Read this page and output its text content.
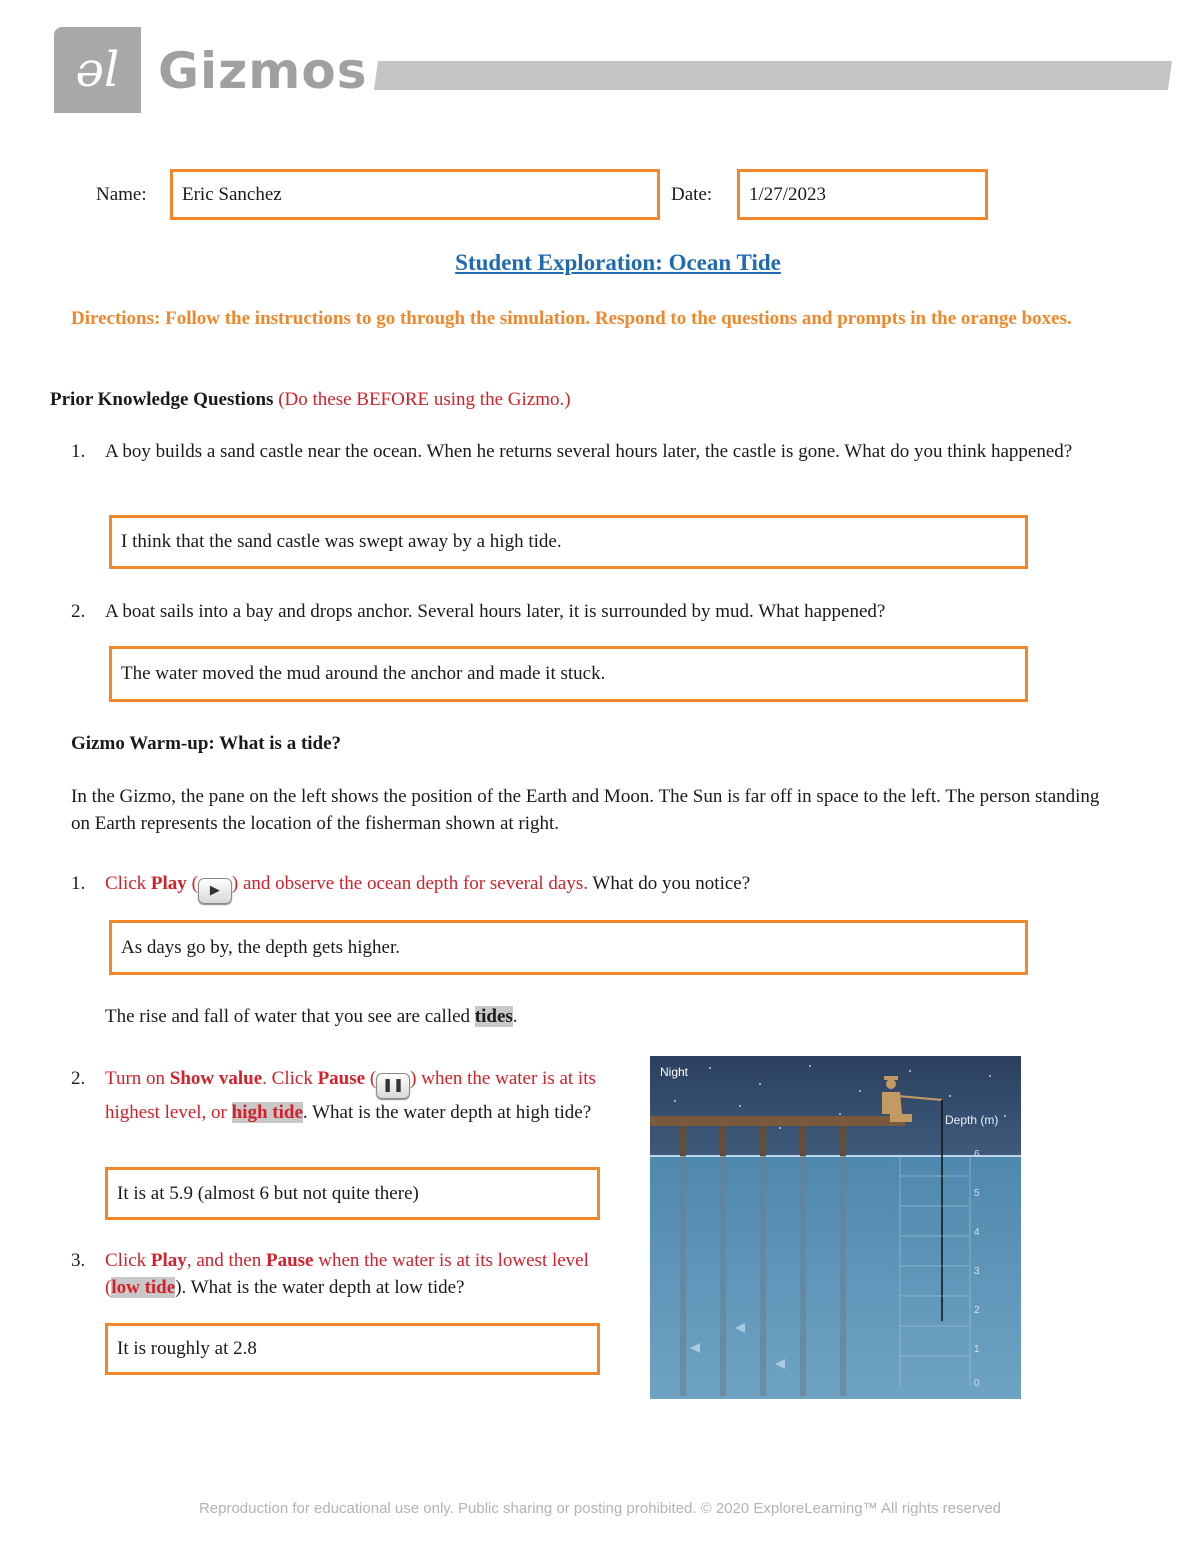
əl Gizmos
Name: Eric Sanchez	Date: 1/27/2023
Student Exploration: Ocean Tide
Directions: Follow the instructions to go through the simulation. Respond to the questions and prompts in the orange boxes.
Prior Knowledge Questions (Do these BEFORE using the Gizmo.)
1. A boy builds a sand castle near the ocean. When he returns several hours later, the castle is gone. What do you think happened?
I think that the sand castle was swept away by a high tide.
2. A boat sails into a bay and drops anchor. Several hours later, it is surrounded by mud. What happened?
The water moved the mud around the anchor and made it stuck.
Gizmo Warm-up: What is a tide?
In the Gizmo, the pane on the left shows the position of the Earth and Moon. The Sun is far off in space to the left. The person standing on Earth represents the location of the fisherman shown at right.
1. Click Play ( ▶ ) and observe the ocean depth for several days. What do you notice?
As days go by, the depth gets higher.
The rise and fall of water that you see are called tides.
2. Turn on Show value. Click Pause ( ❚❚ ) when the water is at its highest level, or high tide. What is the water depth at high tide?
It is at 5.9 (almost 6 but not quite there)
3. Click Play, and then Pause when the water is at its lowest level (low tide). What is the water depth at low tide?
It is roughly at 2.8
Night
Depth (m)
6
5
4
3
2
1
0
Reproduction for educational use only. Public sharing or posting prohibited. © 2020 ExploreLearning™ All rights reserved
